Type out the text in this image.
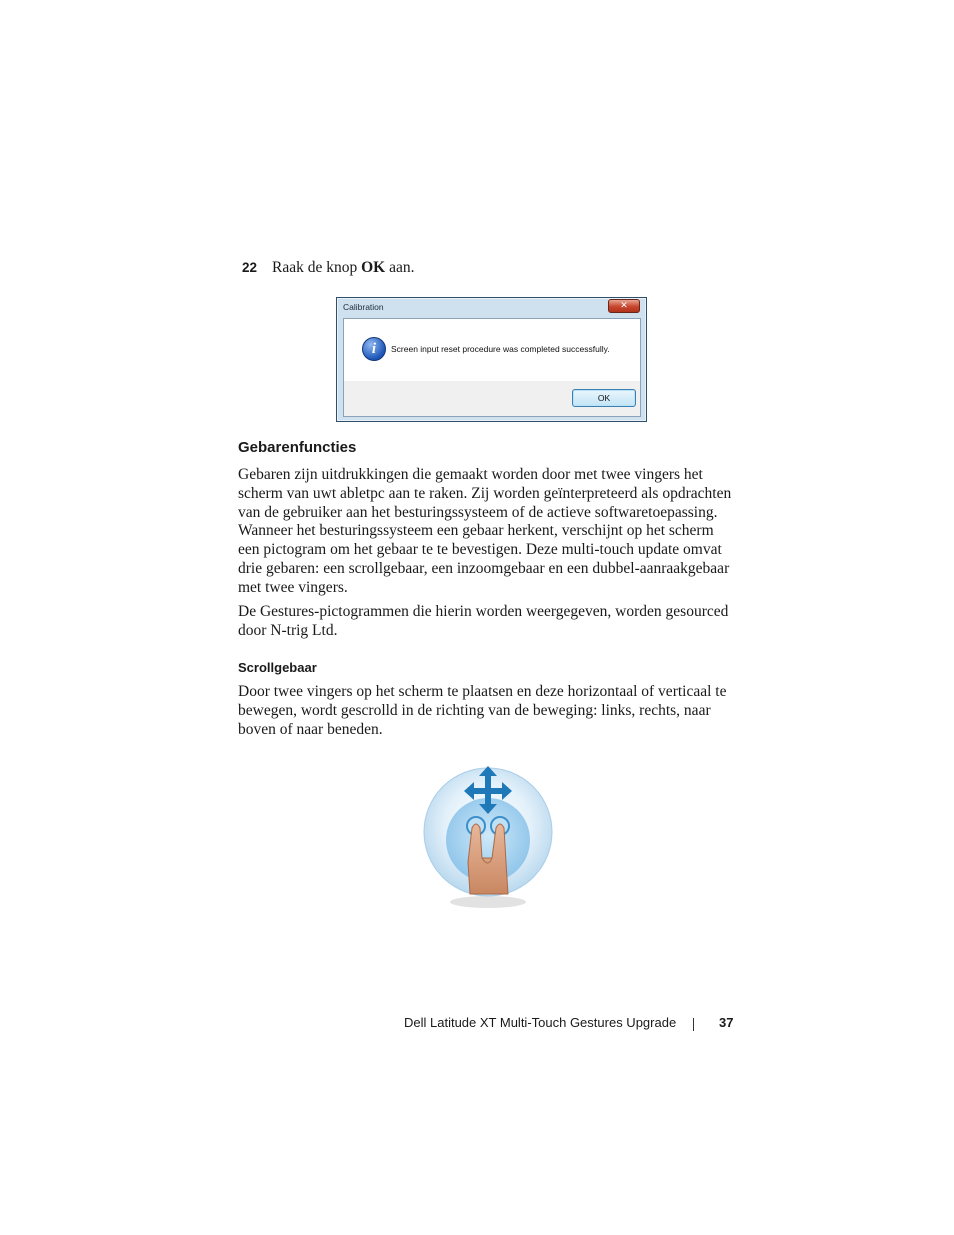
22 Raak de knop OK aan.
Calibration	✕
i	Screen input reset procedure was completed successfully.
OK
Gebarenfuncties

Gebaren zijn uitdrukkingen die gemaakt worden door met twee vingers het scherm van uwt abletpc aan te raken. Zij worden geïnterpreteerd als opdrachten van de gebruiker aan het besturingssysteem of de actieve softwaretoepassing. Wanneer het besturingssysteem een gebaar herkent, verschijnt op het scherm een pictogram om het gebaar te te bevestigen. Deze multi-touch update omvat drie gebaren: een scrollgebaar, een inzoomgebaar en een dubbel-aanraakgebaar met twee vingers.

De Gestures-pictogrammen die hierin worden weergegeven, worden gesourced door N-trig Ltd.

Scrollgebaar

Door twee vingers op het scherm te plaatsen en deze horizontaal of verticaal te bewegen, wordt gescrolld in de richting van de beweging: links, rechts, naar boven of naar beneden.

Dell Latitude XT Multi-Touch Gestures Upgrade	37
